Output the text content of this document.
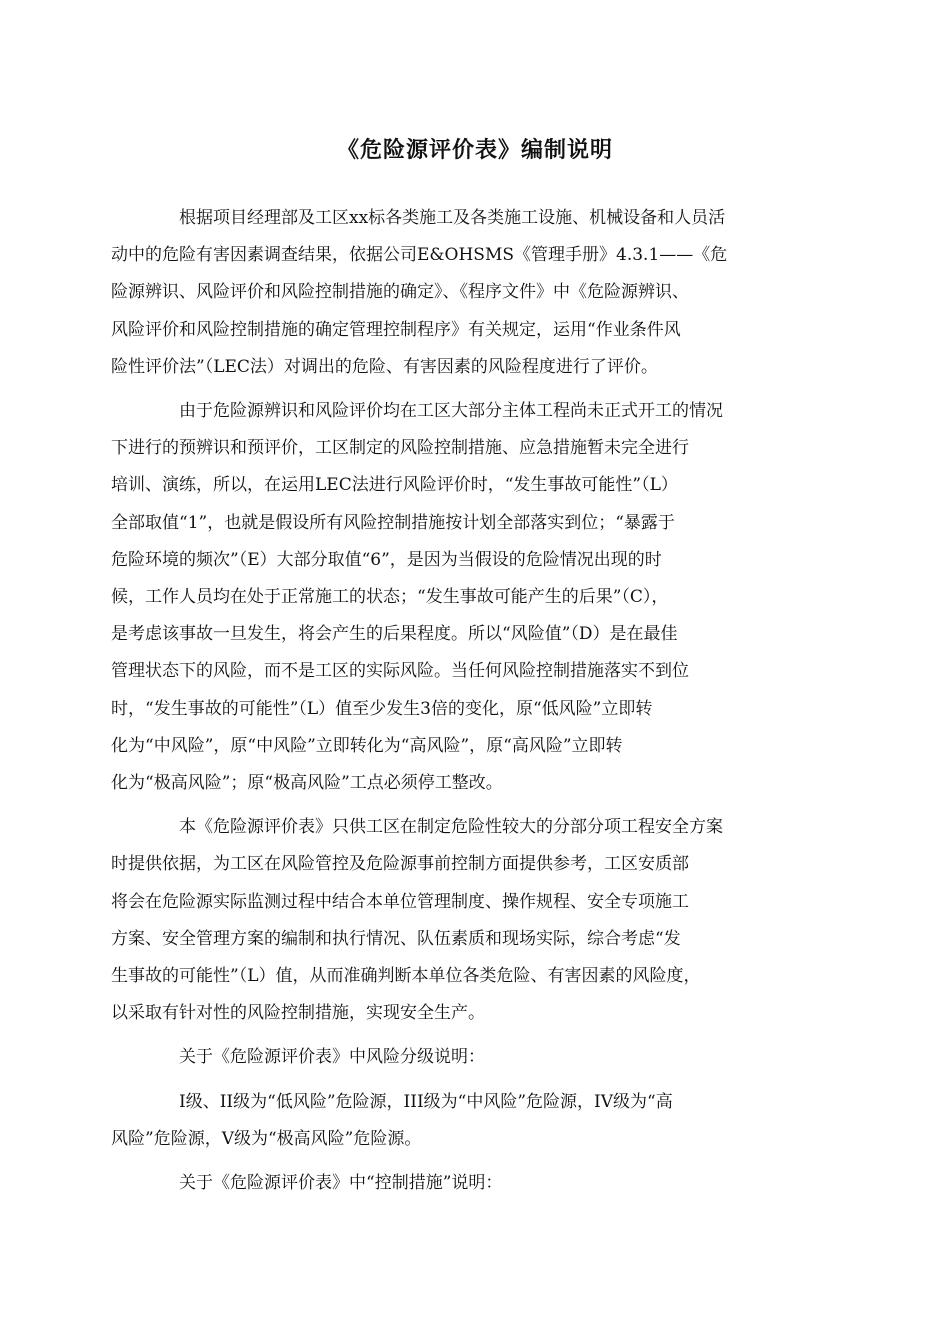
《危险源评价表》编制说明

根据项目经理部及工区xx标各类施工及各类施工设施、机械设备和人员活
动中的危险有害因素调查结果，依据公司E&OHSMS《管理手册》4.3.1——《危
险源辨识、风险评价和风险控制措施的确定》、《程序文件》中《危险源辨识、
风险评价和风险控制措施的确定管理控制程序》有关规定，运用“作业条件风
险性评价法”（LEC法）对调出的危险、有害因素的风险程度进行了评价。

由于危险源辨识和风险评价均在工区大部分主体工程尚未正式开工的情况
下进行的预辨识和预评价，工区制定的风险控制措施、应急措施暂未完全进行
培训、演练，所以，在运用LEC法进行风险评价时，“发生事故可能性”（L）
全部取值“1”，也就是假设所有风险控制措施按计划全部落实到位；“暴露于
危险环境的频次”（E）大部分取值“6”，是因为当假设的危险情况出现的时
候，工作人员均在处于正常施工的状态；“发生事故可能产生的后果”（C），
是考虑该事故一旦发生，将会产生的后果程度。所以“风险值”（D）是在最佳
管理状态下的风险，而不是工区的实际风险。当任何风险控制措施落实不到位
时，“发生事故的可能性”（L）值至少发生3倍的变化，原“低风险”立即转
化为“中风险”，原“中风险”立即转化为“高风险”，原“高风险”立即转
化为“极高风险”；原“极高风险”工点必须停工整改。

本《危险源评价表》只供工区在制定危险性较大的分部分项工程安全方案
时提供依据，为工区在风险管控及危险源事前控制方面提供参考，工区安质部
将会在危险源实际监测过程中结合本单位管理制度、操作规程、安全专项施工
方案、安全管理方案的编制和执行情况、队伍素质和现场实际，综合考虑“发
生事故的可能性”（L）值，从而准确判断本单位各类危险、有害因素的风险度，
以采取有针对性的风险控制措施，实现安全生产。

关于《危险源评价表》中风险分级说明：

I级、II级为“低风险”危险源，III级为“中风险”危险源，IV级为“高
风险”危险源，V级为“极高风险”危险源。

关于《危险源评价表》中“控制措施”说明：
